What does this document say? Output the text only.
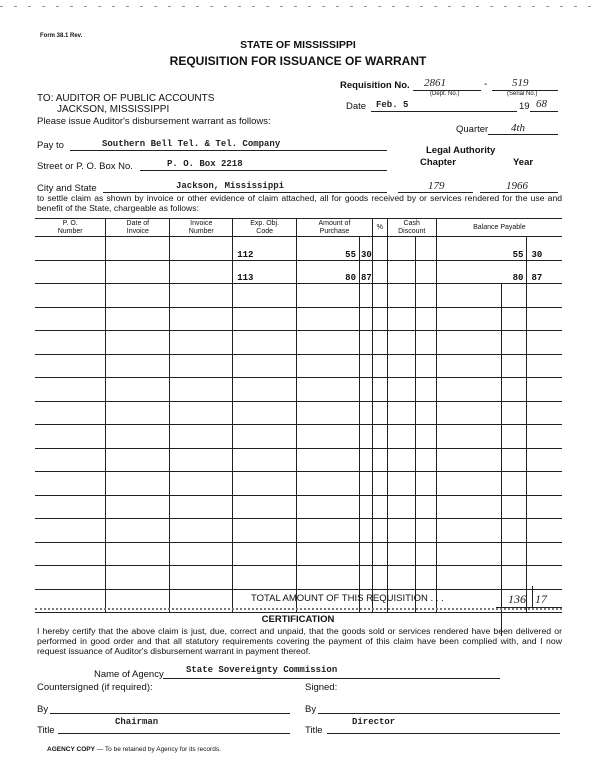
Form 38.1 Rev.
STATE OF MISSISSIPPI
REQUISITION FOR ISSUANCE OF WARRANT
Requisition No. 2861	- 519
(Dept. No.)	(Serial No.)
TO: AUDITOR OF PUBLIC ACCOUNTS
JACKSON, MISSISSIPPI
Please issue Auditor's disbursement warrant as follows:
Date Feb. 5	19 68
Quarter 4th
Pay to	Southern Bell Tel. & Tel. Company
Legal Authority
Chapter	Year
Street or P. O. Box No.	P. O. Box 2218
City and State	Jackson, Mississippi	179	1966
to settle claim as shown by invoice or other evidence of claim attached, all for goods received by or services rendered for the use and benefit of the State, chargeable as follows:
P. O. Number	Date of Invoice	Invoice Number	Exp. Obj. Code	Amount of Purchase		%	Cash Discount		Balance Payable		
			112	55	30				55		30
			113	80	87				80		87

TOTAL AMOUNT OF THIS REQUISITION . . .	136 17
CERTIFICATION
I hereby certify that the above claim is just, due, correct and unpaid, that the goods sold or services rendered have been delivered or performed in good order and that all statutory requirements covering the payment of this claim have been complied with, and I now request issuance of Auditor's disbursement warrant in payment thereof.
Name of Agency State Sovereignty Commission
Countersigned (if required):	Signed:
By	By
Title
Chairman
Title
Director
AGENCY COPY — To be retained by Agency for its records.
